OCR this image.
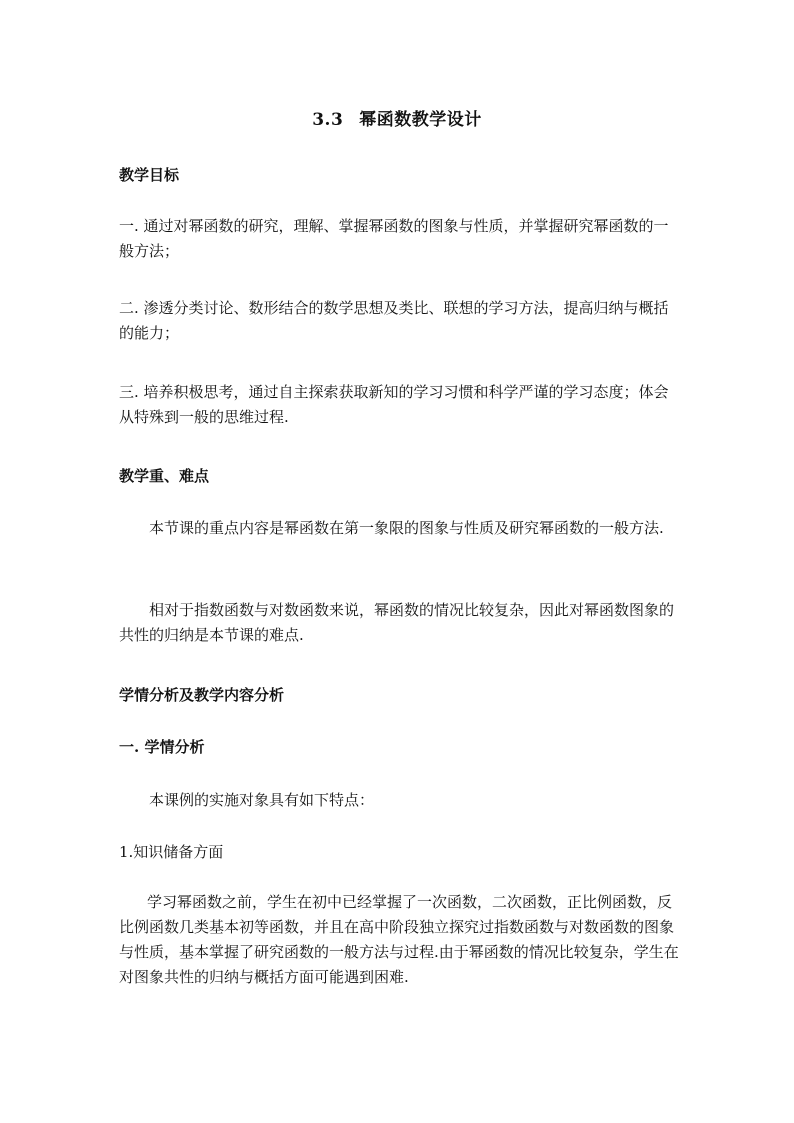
3.3 幂函数教学设计
教学目标
一. 通过对幂函数的研究，理解、掌握幂函数的图象与性质，并掌握研究幂函数的一般方法；
二. 渗透分类讨论、数形结合的数学思想及类比、联想的学习方法，提高归纳与概括的能力；
三. 培养积极思考，通过自主探索获取新知的学习习惯和科学严谨的学习态度；体会从特殊到一般的思维过程.
教学重、难点
本节课的重点内容是幂函数在第一象限的图象与性质及研究幂函数的一般方法.
相对于指数函数与对数函数来说，幂函数的情况比较复杂，因此对幂函数图象的共性的归纳是本节课的难点.
学情分析及教学内容分析
一. 学情分析
本课例的实施对象具有如下特点：
1.知识储备方面
学习幂函数之前，学生在初中已经掌握了一次函数，二次函数，正比例函数，反比例函数几类基本初等函数，并且在高中阶段独立探究过指数函数与对数函数的图象与性质，基本掌握了研究函数的一般方法与过程.由于幂函数的情况比较复杂，学生在对图象共性的归纳与概括方面可能遇到困难.
